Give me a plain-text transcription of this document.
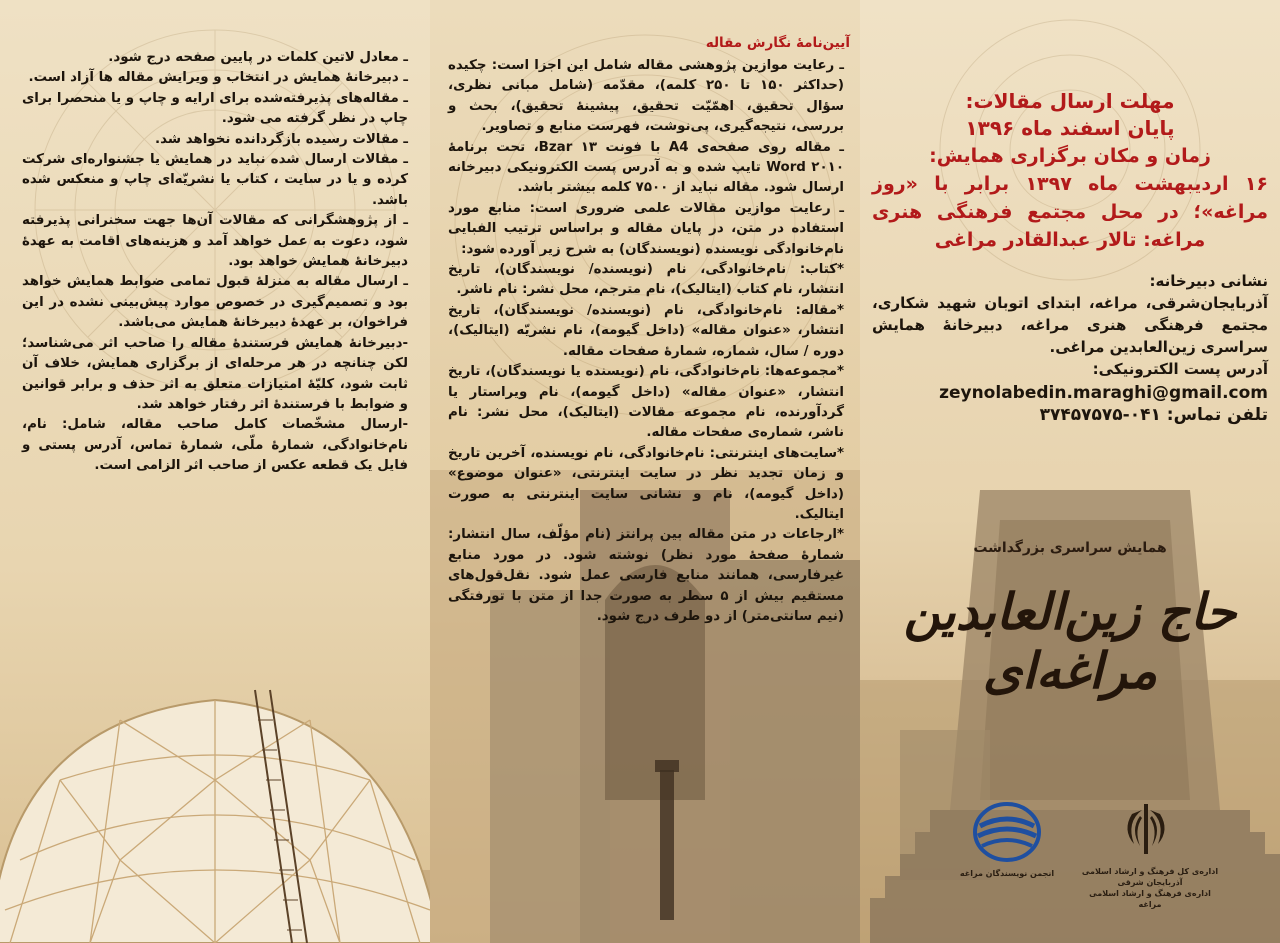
ـ معادل لاتین کلمات در پایین صفحه درج شود.

ـ دبیرخانهٔ همایش در انتخاب و ویرایش مقاله ها آزاد است.

ـ مقاله‌های پذیرفته‌شده برای ارایه و چاپ و یا منحصرا برای چاپ در نظر گرفته می شود.

ـ مقالات رسیده بازگردانده نخواهد شد.

ـ مقالات ارسال شده نباید در همایش یا جشنواره‌ای شرکت کرده و یا در سایت ، کتاب یا نشریّه‌ای چاپ و منعکس شده باشد.

ـ از پژوهشگرانی که مقالات آن‌ها جهت سخنرانی پذیرفته شود، دعوت به عمل خواهد آمد و هزینه‌های اقامت به عهدهٔ دبیرخانهٔ همایش خواهد بود.

ـ ارسال مقاله به منزلهٔ قبول تمامی ضوابط همایش خواهد بود و تصمیم‌گیری در خصوص موارد پیش‌بینی نشده در این فراخوان، بر عهدهٔ دبیرخانهٔ همایش می‌باشد.

-دبیرخانهٔ همایش فرستندهٔ مقاله را صاحب اثر می‌شناسد؛ لکن چنانچه در هر مرحله‌ای از برگزاری همایش، خلاف آن ثابت شود، کلیّهٔ امتیازات متعلق به اثر حذف و برابر قوانین و ضوابط با فرستندهٔ اثر رفتار خواهد شد.

-ارسال مشخّصات کامل صاحب مقاله، شامل: نام، نام‌خانوادگی، شمارهٔ ملّی، شمارهٔ تماس، آدرس پستی و فایل یک قطعه عکس از صاحب اثر الزامی است.

آیین‌نامهٔ نگارش مقاله

ـ رعایت موازین پژوهشی مقاله شامل این اجزا است: چکیده (حداکثر ۱۵۰ تا ۲۵۰ کلمه)، مقدّمه (شامل مبانی نظری، سؤال تحقیق، اهمّیّت تحقیق، پیشینهٔ تحقیق)، بحث و بررسی، نتیجه‌گیری، پی‌نوشت، فهرست منابع و تصاویر.

ـ مقاله روی صفحه‌ی A4 با فونت Bzar ۱۳، تحت برنامهٔ Word ۲۰۱۰ تایپ شده و به آدرس پست الکترونیکی دبیرخانه ارسال شود. مقاله نباید از ۷۵۰۰ کلمه بیشتر باشد.

ـ رعایت موازین مقالات علمی ضروری است: منابع مورد استفاده در متن، در پایان مقاله و براساس ترتیب الفبایی نام‌خانوادگی نویسنده (نویسندگان) به شرح زیر آورده شود:

*کتاب: نام‌خانوادگی، نام (نویسنده/ نویسندگان)، تاریخ انتشار، نام کتاب (ایتالیک)، نام مترجم، محل نشر: نام ناشر.

*مقاله: نام‌خانوادگی، نام (نویسنده/ نویسندگان)، تاریخ انتشار، «عنوان مقاله» (داخل گیومه)، نام نشریّه (ایتالیک)، دوره / سال، شماره، شمارهٔ صفحات مقاله.

*مجموعه‌ها: نام‌خانوادگی، نام (نویسنده یا نویسندگان)، تاریخ انتشار، «عنوان مقاله» (داخل گیومه)، نام ویراستار یا گردآورنده، نام مجموعه مقالات (ایتالیک)، محل نشر: نام ناشر، شماره‌ی صفحات مقاله.

*سایت‌های اینترنتی: نام‌خانوادگی، نام نویسنده، آخرین تاریخ و زمان تجدید نظر در سایت اینترنتی، «عنوان موضوع» (داخل گیومه)، نام و نشانی سایت اینترنتی به صورت ایتالیک.

*ارجاعات در متن مقاله بین پرانتز (نام مؤلّف، سال انتشار: شمارهٔ صفحهٔ مورد نظر) نوشته شود. در مورد منابع غیرفارسی، همانند منابع فارسی عمل شود. نقل‌قول‌های مستقیم بیش از ۵ سطر به صورت جدا از متن با تورفتگی (نیم سانتی‌متر) از دو طرف درج شود.

مهلت ارسال مقالات:
پایان اسفند ماه ۱۳۹۶
زمان و مکان برگزاری همایش:
۱۶ اردیبهشت ماه ۱۳۹۷ برابر با «روز مراغه»؛ در محل مجتمع فرهنگی هنری مراغه: تالار عبدالقادر مراغی
نشانی دبیرخانه:
آذربایجان‌شرقی، مراغه، ابتدای اتوبان شهید شکاری، مجتمع فرهنگی هنری مراغه، دبیرخانهٔ همایش سراسری زین‌العابدین مراغی.
آدرس پست الکترونیکی:
zeynolabedin.maraghi@gmail.com
تلفن تماس: ۰۴۱-۳۷۴۵۷۵۷۵
همایش سراسری بزرگداشت
حاج زین‌العابدین مراغه‌ای
انجمن نویسندگان مراغه	اداره‌ی کل فرهنگ و ارشاد اسلامی آذربایجان شرقی
اداره‌ی فرهنگ و ارشاد اسلامی مراغه
